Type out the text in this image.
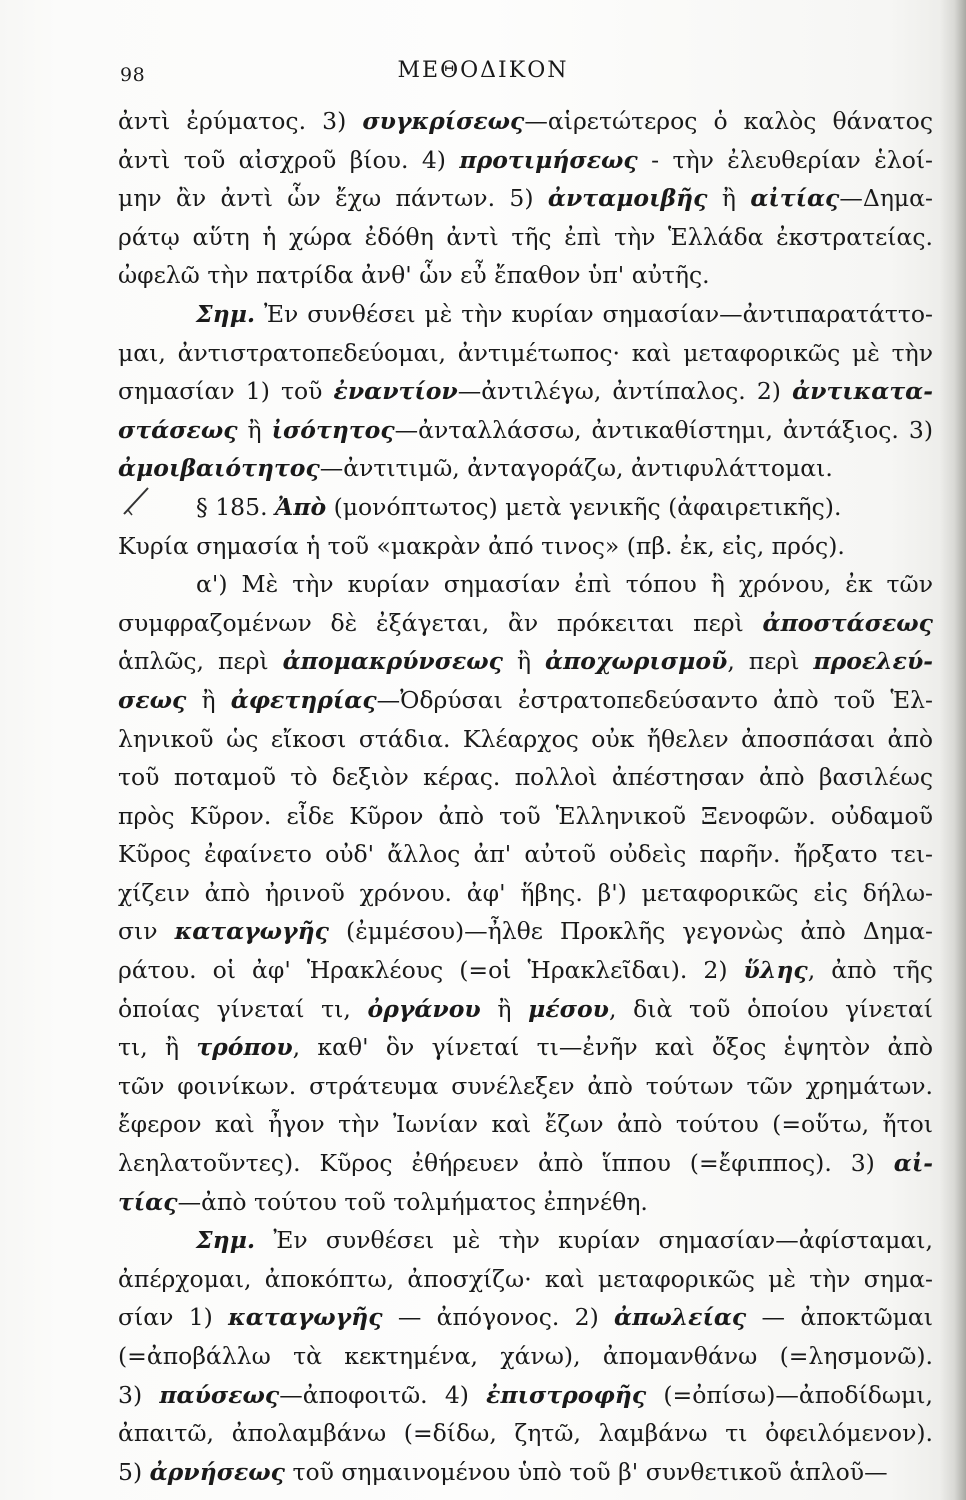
98	ΜΕΘΟΔΙΚΟΝ
ἀντὶ ἐρύματος. 3) συγκρίσεως—αἱρετώτερος ὁ καλὸς θάνατος
ἀντὶ τοῦ αἰσχροῦ βίου. 4) προτιμήσεως - τὴν ἐλευθερίαν ἑλοί-
μην ἂν ἀντὶ ὧν ἔχω πάντων. 5) ἀνταμοιβῆς ἢ αἰτίας—Δημα-
ράτῳ αὕτη ἡ χώρα ἐδόθη ἀντὶ τῆς ἐπὶ τὴν Ἑλλάδα ἐκστρατείας.
ὠφελῶ τὴν πατρίδα ἀνθ' ὧν εὖ ἔπαθον ὑπ' αὐτῆς.
Σημ. Ἐν συνθέσει μὲ τὴν κυρίαν σημασίαν—ἀντιπαρατάττο-
μαι, ἀντιστρατοπεδεύομαι, ἀντιμέτωπος· καὶ μεταφορικῶς μὲ τὴν
σημασίαν 1) τοῦ ἐναντίον—ἀντιλέγω, ἀντίπαλος. 2) ἀντικατα-
στάσεως ἢ ἰσότητος—ἀνταλλάσσω, ἀντικαθίστημι, ἀντάξιος. 3)
ἀμοιβαιότητος—ἀντιτιμῶ, ἀνταγοράζω, ἀντιφυλάττομαι.
§ 185. Ἀπὸ (μονόπτωτος) μετὰ γενικῆς (ἀφαιρετικῆς).
Κυρία σημασία ἡ τοῦ «μακρὰν ἀπό τινος» (πβ. ἐκ, εἰς, πρός).
α') Μὲ τὴν κυρίαν σημασίαν ἐπὶ τόπου ἢ χρόνου, ἐκ τῶν
συμφραζομένων δὲ ἐξάγεται, ἂν πρόκειται περὶ ἀποστάσεως
ἁπλῶς, περὶ ἀπομακρύνσεως ἢ ἀποχωρισμοῦ, περὶ προελεύ-
σεως ἢ ἀφετηρίας—Ὀδρύσαι ἐστρατοπεδεύσαντο ἀπὸ τοῦ Ἑλ-
ληνικοῦ ὡς εἴκοσι στάδια. Κλέαρχος οὐκ ἤθελεν ἀποσπάσαι ἀπὸ
τοῦ ποταμοῦ τὸ δεξιὸν κέρας. πολλοὶ ἀπέστησαν ἀπὸ βασιλέως
πρὸς Κῦρον. εἶδε Κῦρον ἀπὸ τοῦ Ἑλληνικοῦ Ξενοφῶν. οὐδαμοῦ
Κῦρος ἐφαίνετο οὐδ' ἄλλος ἀπ' αὐτοῦ οὐδεὶς παρῆν. ἤρξατο τει-
χίζειν ἀπὸ ἠρινοῦ χρόνου. ἀφ' ἥβης. β') μεταφορικῶς εἰς δήλω-
σιν καταγωγῆς (ἐμμέσου)—ἦλθε Προκλῆς γεγονὼς ἀπὸ Δημα-
ράτου. οἱ ἀφ' Ἡρακλέους (=οἱ Ἡρακλεῖδαι). 2) ὕλης, ἀπὸ τῆς
ὁποίας γίνεταί τι, ὀργάνου ἢ μέσου, διὰ τοῦ ὁποίου γίνεταί
τι, ἢ τρόπου, καθ' ὃν γίνεταί τι—ἐνῆν καὶ ὄξος ἑψητὸν ἀπὸ
τῶν φοινίκων. στράτευμα συνέλεξεν ἀπὸ τούτων τῶν χρημάτων.
ἔφερον καὶ ἦγον τὴν Ἰωνίαν καὶ ἔζων ἀπὸ τούτου (=οὕτω, ἤτοι
λεηλατοῦντες). Κῦρος ἐθήρευεν ἀπὸ ἵππου (=ἔφιππος). 3) αἰ-
τίας—ἀπὸ τούτου τοῦ τολμήματος ἐπηνέθη.
Σημ. Ἐν συνθέσει μὲ τὴν κυρίαν σημασίαν—ἀφίσταμαι,
ἀπέρχομαι, ἀποκόπτω, ἀποσχίζω· καὶ μεταφορικῶς μὲ τὴν σημα-
σίαν 1) καταγωγῆς — ἀπόγονος. 2) ἀπωλείας — ἀποκτῶμαι
(=ἀποβάλλω τὰ κεκτημένα, χάνω), ἀπομανθάνω (=λησμονῶ).
3) παύσεως—ἀποφοιτῶ. 4) ἐπιστροφῆς (=ὀπίσω)—ἀποδίδωμι,
ἀπαιτῶ, ἀπολαμβάνω (=δίδω, ζητῶ, λαμβάνω τι ὀφειλόμενον).
5) ἀρνήσεως τοῦ σημαινομένου ὑπὸ τοῦ β' συνθετικοῦ ἁπλοῦ—
